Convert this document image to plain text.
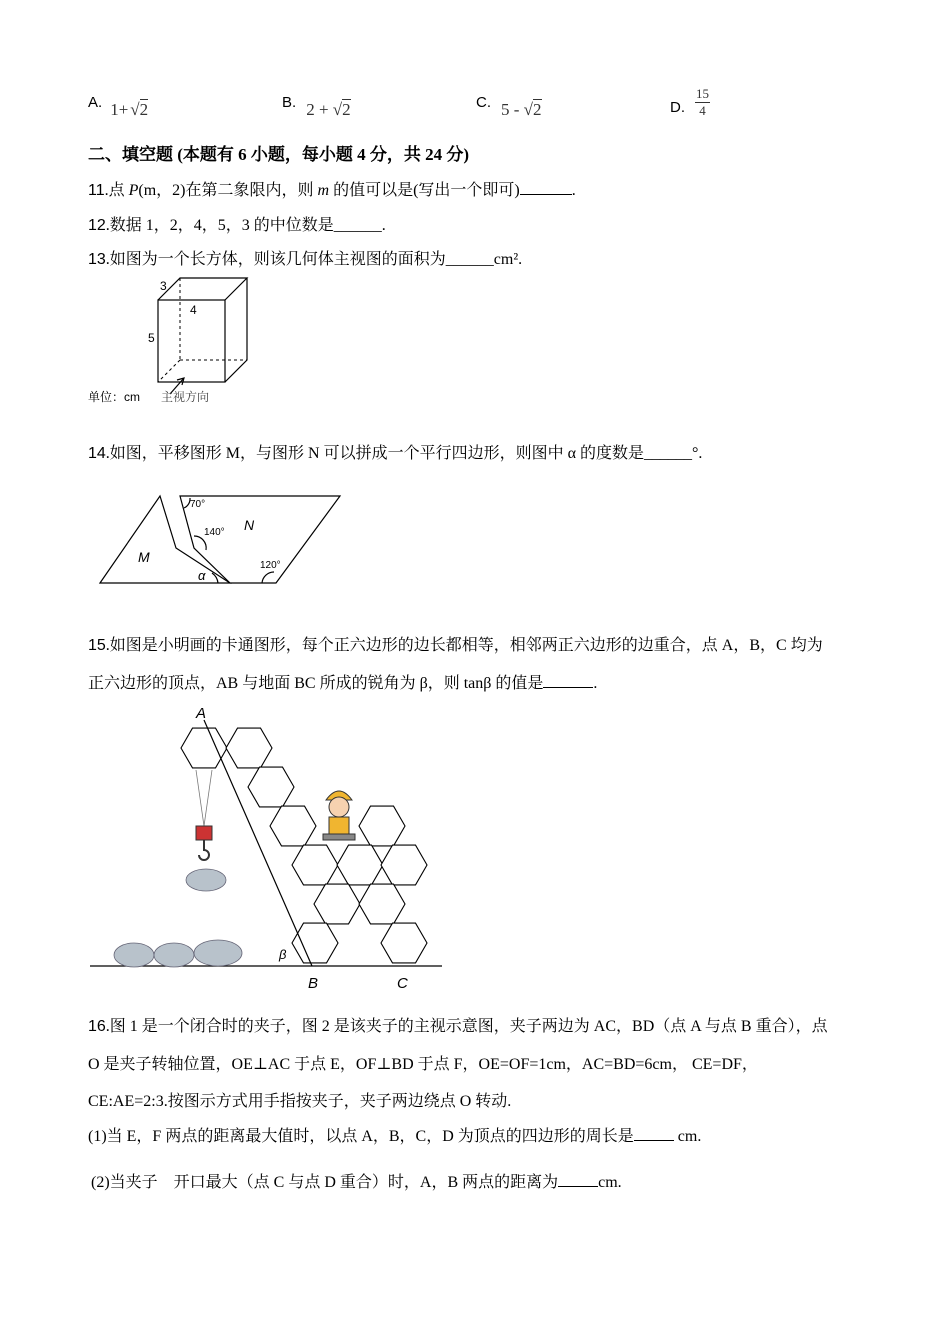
A. 1+ √2	B. 2 + √2	C. 5 - √2	D. $\frac{15}{4}$
二、填空题 (本题有 6 小题，每小题 4 分，共 24 分)
11.点 P(m，2)在第二象限内，则 m 的值可以是(写出一个即可)	.
12.数据 1，2，4，5，3 的中位数是______.
13.如图为一个长方体，则该几何体主视图的面积为______cm².
3
4
5
单位：cm 主视方向
14.如图，平移图形 M，与图形 N 可以拼成一个平行四边形，则图中 α 的度数是______°.
70°
140°
120°
M
N
α
15.如图是小明画的卡通图形，每个正六边形的边长都相等，相邻两正六边形的边重合，点 A，B，C 均为
正六边形的顶点，AB 与地面 BC 所成的锐角为 β，则 tanβ 的值是	.
A
B	C
β
16.图 1 是一个闭合时的夹子，图 2 是该夹子的主视示意图，夹子两边为 AC，BD（点 A 与点 B 重合），点
O 是夹子转轴位置，OE⊥AC 于点 E，OF⊥BD 于点 F，OE=OF=1cm，AC=BD=6cm， CE=DF，
CE:AE=2:3.按图示方式用手指按夹子，夹子两边绕点 O 转动.
(1)当 E，F 两点的距离最大值时，以点 A，B，C，D 为顶点的四边形的周长是	cm.
(2)当夹子　开口最大（点 C 与点 D 重合）时，A，B 两点的距离为	cm.
